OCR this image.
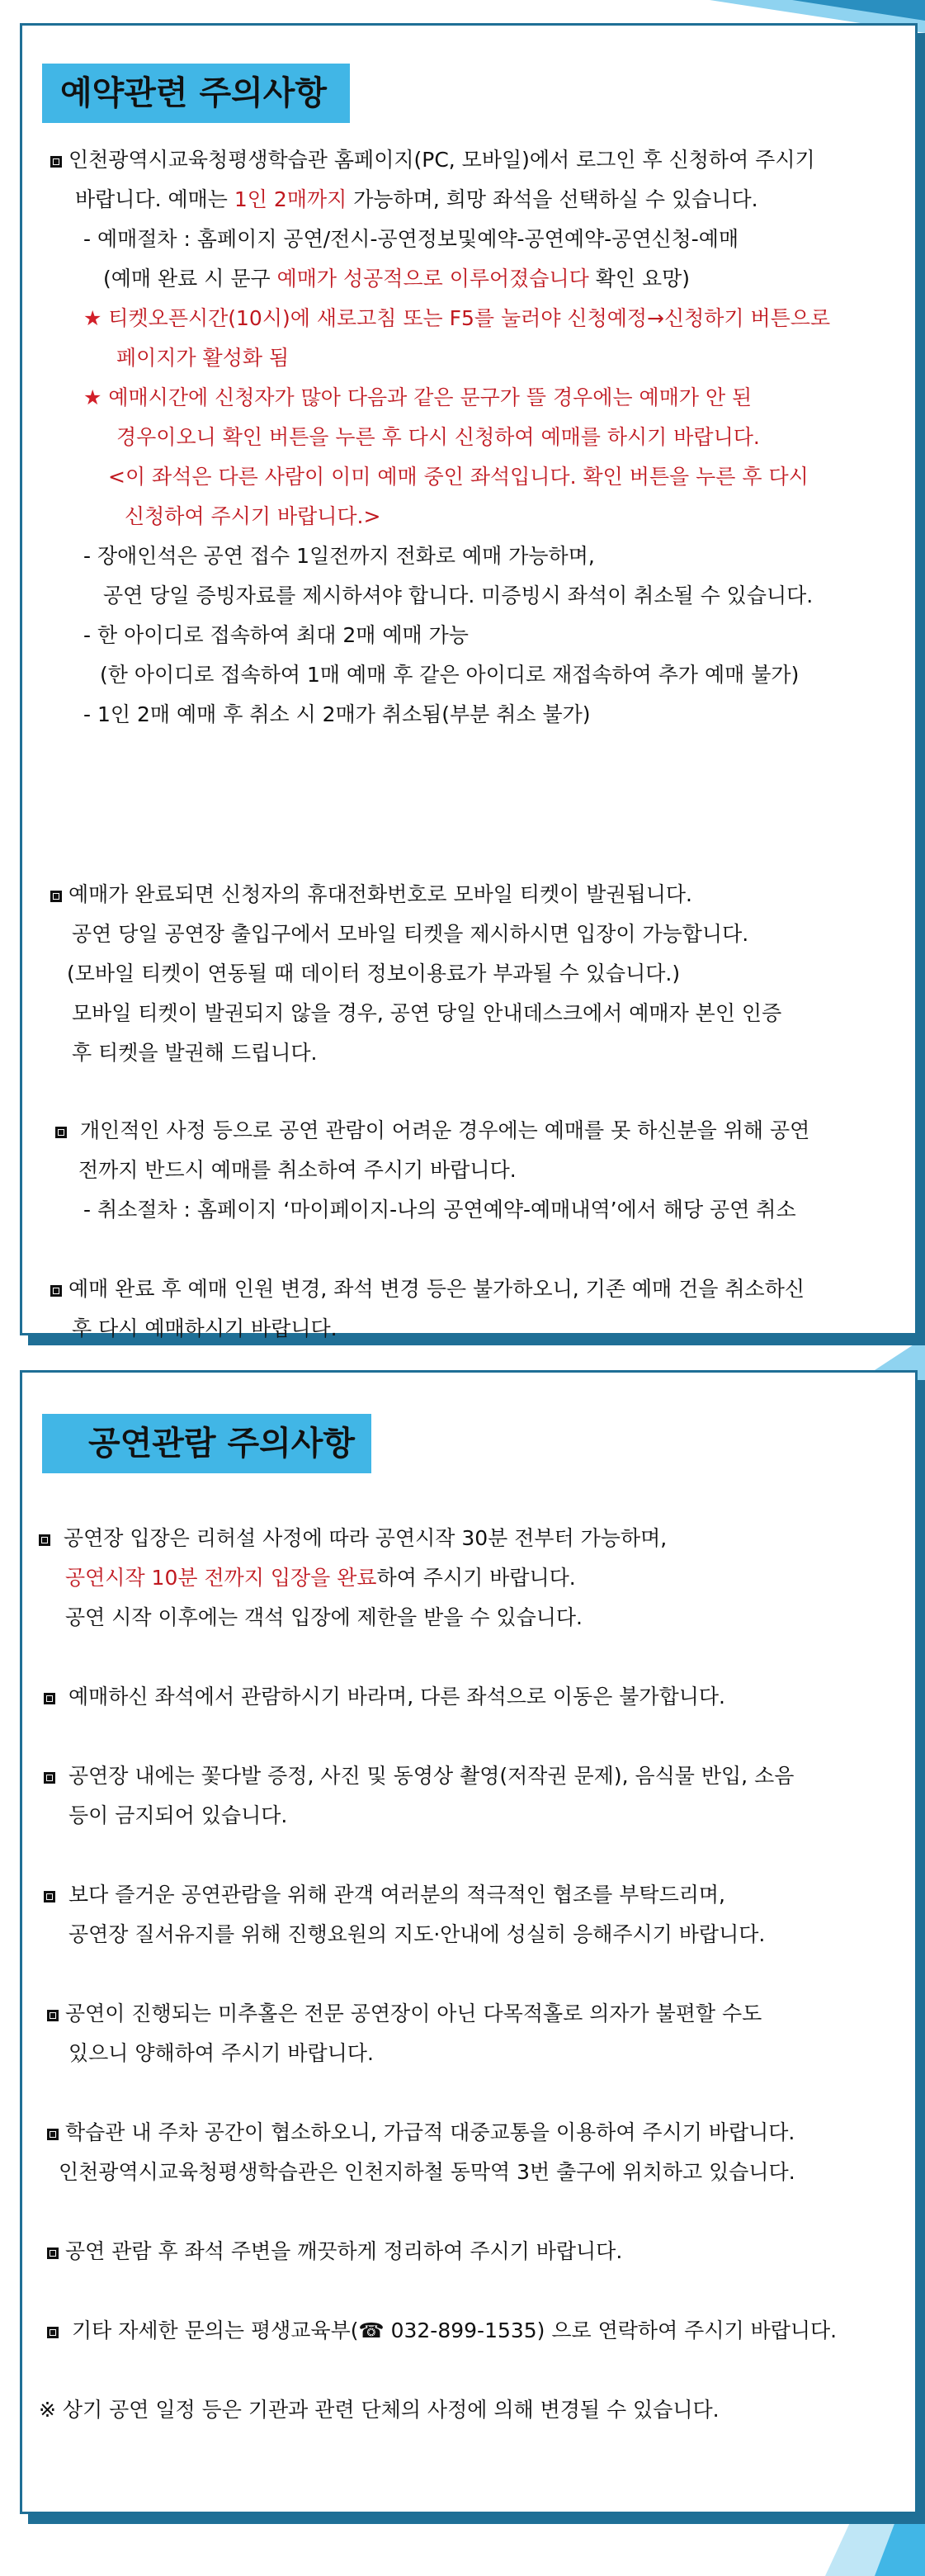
예약관련 주의사항
인천광역시교육청평생학습관 홈페이지(PC, 모바일)에서 로그인 후 신청하여 주시기
바랍니다. 예매는 1인 2매까지 가능하며, 희망 좌석을 선택하실 수 있습니다.
- 예매절차 : 홈페이지 공연/전시-공연정보및예약-공연예약-공연신청-예매
(예매 완료 시 문구 예매가 성공적으로 이루어졌습니다 확인 요망)
★ 티켓오픈시간(10시)에 새로고침 또는 F5를 눌러야 신청예정→신청하기 버튼으로
페이지가 활성화 됨
★ 예매시간에 신청자가 많아 다음과 같은 문구가 뜰 경우에는 예매가 안 된
경우이오니 확인 버튼을 누른 후 다시 신청하여 예매를 하시기 바랍니다.
<이 좌석은 다른 사람이 이미 예매 중인 좌석입니다. 확인 버튼을 누른 후 다시
신청하여 주시기 바랍니다.>
- 장애인석은 공연 접수 1일전까지 전화로 예매 가능하며,
공연 당일 증빙자료를 제시하셔야 합니다. 미증빙시 좌석이 취소될 수 있습니다.
- 한 아이디로 접속하여 최대 2매 예매 가능
(한 아이디로 접속하여 1매 예매 후 같은 아이디로 재접속하여 추가 예매 불가)
- 1인 2매 예매 후 취소 시 2매가 취소됨(부분 취소 불가)
예매가 완료되면 신청자의 휴대전화번호로 모바일 티켓이 발권됩니다.
공연 당일 공연장 출입구에서 모바일 티켓을 제시하시면 입장이 가능합니다.
(모바일 티켓이 연동될 때 데이터 정보이용료가 부과될 수 있습니다.)
모바일 티켓이 발권되지 않을 경우, 공연 당일 안내데스크에서 예매자 본인 인증
후 티켓을 발권해 드립니다.
개인적인 사정 등으로 공연 관람이 어려운 경우에는 예매를 못 하신분을 위해 공연
전까지 반드시 예매를 취소하여 주시기 바랍니다.
- 취소절차 : 홈페이지 ‘마이페이지-나의 공연예약-예매내역’에서 해당 공연 취소
예매 완료 후 예매 인원 변경, 좌석 변경 등은 불가하오니, 기존 예매 건을 취소하신
후 다시 예매하시기 바랍니다.
공연관람 주의사항
공연장 입장은 리허설 사정에 따라 공연시작 30분 전부터 가능하며,
공연시작 10분 전까지 입장을 완료하여 주시기 바랍니다.
공연 시작 이후에는 객석 입장에 제한을 받을 수 있습니다.
예매하신 좌석에서 관람하시기 바라며, 다른 좌석으로 이동은 불가합니다.
공연장 내에는 꽃다발 증정, 사진 및 동영상 촬영(저작권 문제), 음식물 반입, 소음
등이 금지되어 있습니다.
보다 즐거운 공연관람을 위해 관객 여러분의 적극적인 협조를 부탁드리며,
공연장 질서유지를 위해 진행요원의 지도·안내에 성실히 응해주시기 바랍니다.
공연이 진행되는 미추홀은 전문 공연장이 아닌 다목적홀로 의자가 불편할 수도
있으니 양해하여 주시기 바랍니다.
학습관 내 주차 공간이 협소하오니, 가급적 대중교통을 이용하여 주시기 바랍니다.
인천광역시교육청평생학습관은 인천지하철 동막역 3번 출구에 위치하고 있습니다.
공연 관람 후 좌석 주변을 깨끗하게 정리하여 주시기 바랍니다.
기타 자세한 문의는 평생교육부(☎ 032-899-1535) 으로 연락하여 주시기 바랍니다.
※ 상기 공연 일정 등은 기관과 관련 단체의 사정에 의해 변경될 수 있습니다.
